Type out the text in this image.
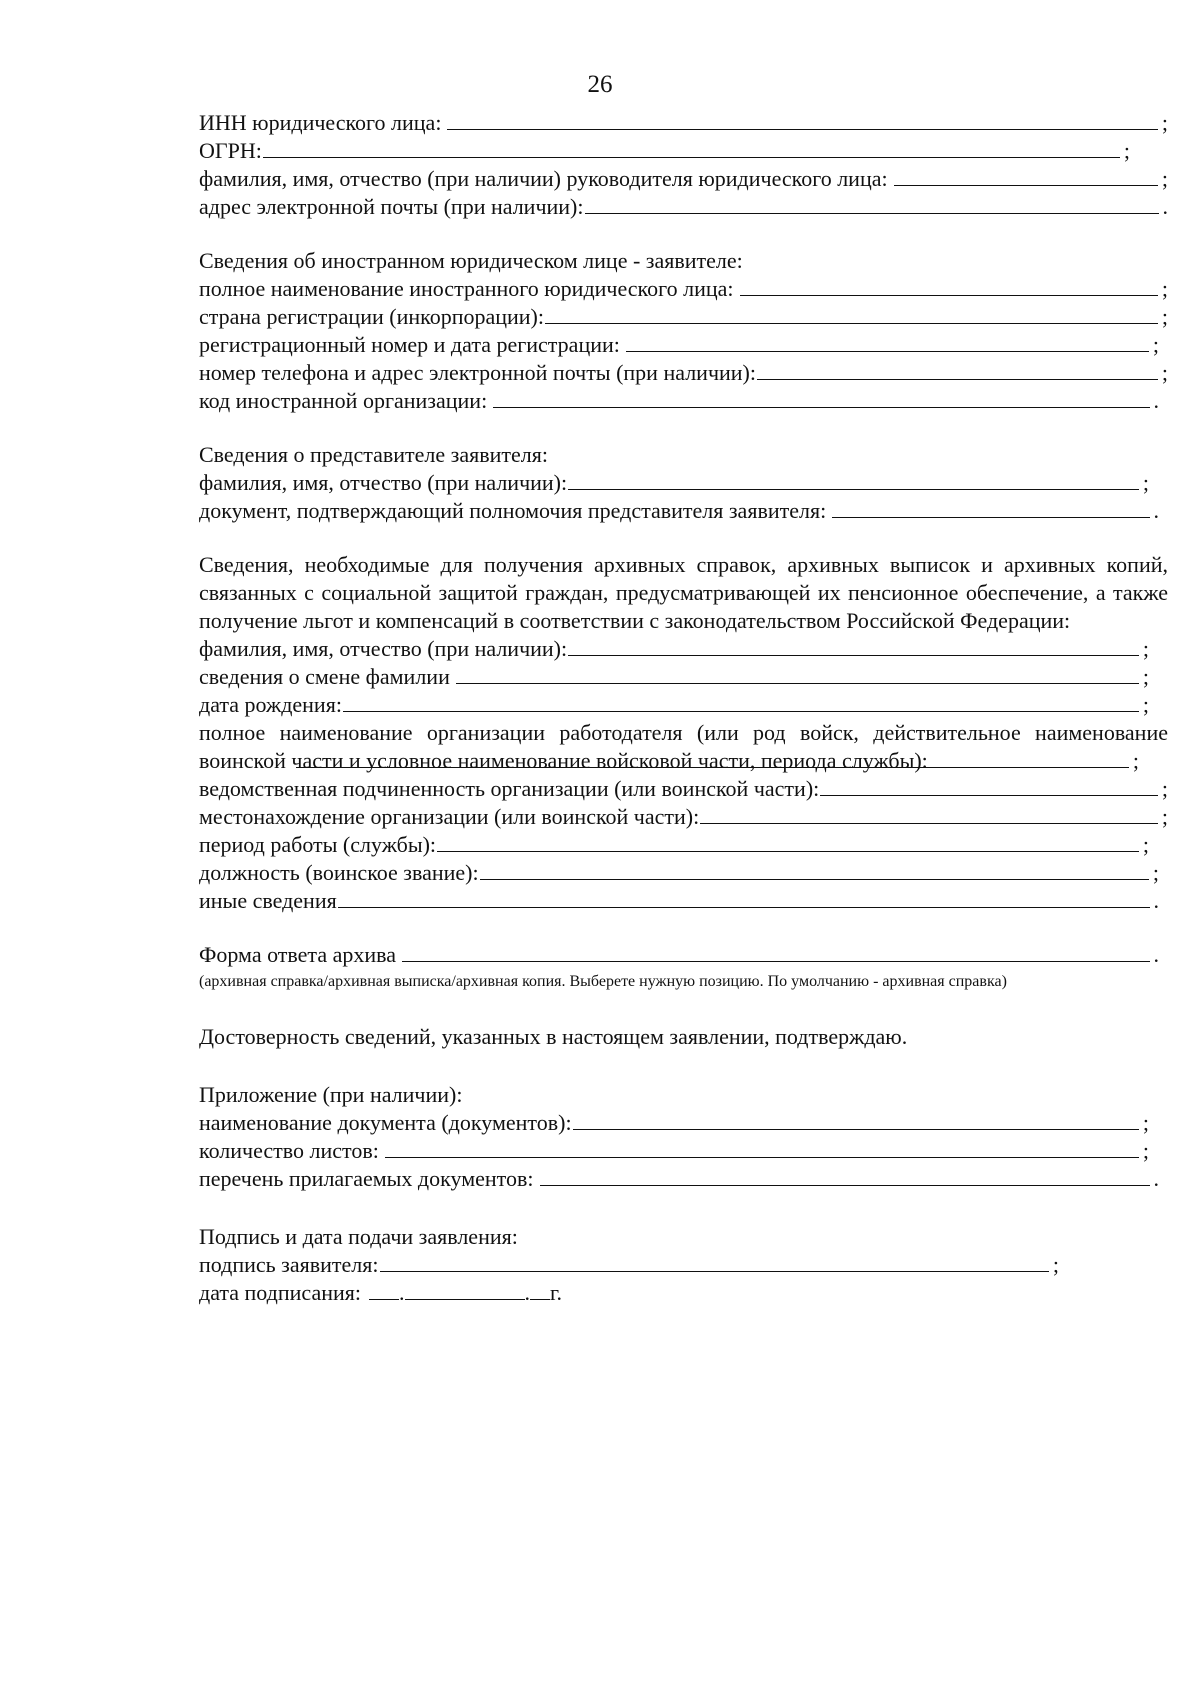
26
ИНН юридического лица:	;
ОГРН:	;
фамилия, имя, отчество (при наличии) руководителя юридического лица:	;
адрес электронной почты (при наличии):	.
Сведения об иностранном юридическом лице - заявителе:
полное наименование иностранного юридического лица:	;
страна регистрации (инкорпорации):	;
регистрационный номер и дата регистрации:	;
номер телефона и адрес электронной почты (при наличии):	;
код иностранной организации:	.
Сведения о представителе заявителя:
фамилия, имя, отчество (при наличии):	;
документ, подтверждающий полномочия представителя заявителя:	.
Сведения, необходимые для получения архивных справок, архивных выписок и архивных копий, связанных с социальной защитой граждан, предусматривающей их пенсионное обеспечение, а также получение льгот и компенсаций в соответствии с законодательством Российской Федерации:
фамилия, имя, отчество (при наличии):	;
сведения о смене фамилии	;
дата рождения:	;
полное наименование организации работодателя (или род войск, действительное наименование воинской части и условное наименование войсковой части, периода службы):	;
ведомственная подчиненность организации (или воинской части):	;
местонахождение организации (или воинской части):	;
период работы (службы):	;
должность (воинское звание):	;
иные сведения	.
Форма ответа архива	.
(архивная справка/архивная выписка/архивная копия. Выберете нужную позицию. По умолчанию - архивная справка)
Достоверность сведений, указанных в настоящем заявлении, подтверждаю.
Приложение (при наличии):
наименование документа (документов):	;
количество листов:	;
перечень прилагаемых документов:	.
Подпись и дата подачи заявления:
подпись заявителя:	;
дата подписания: .	. г.
